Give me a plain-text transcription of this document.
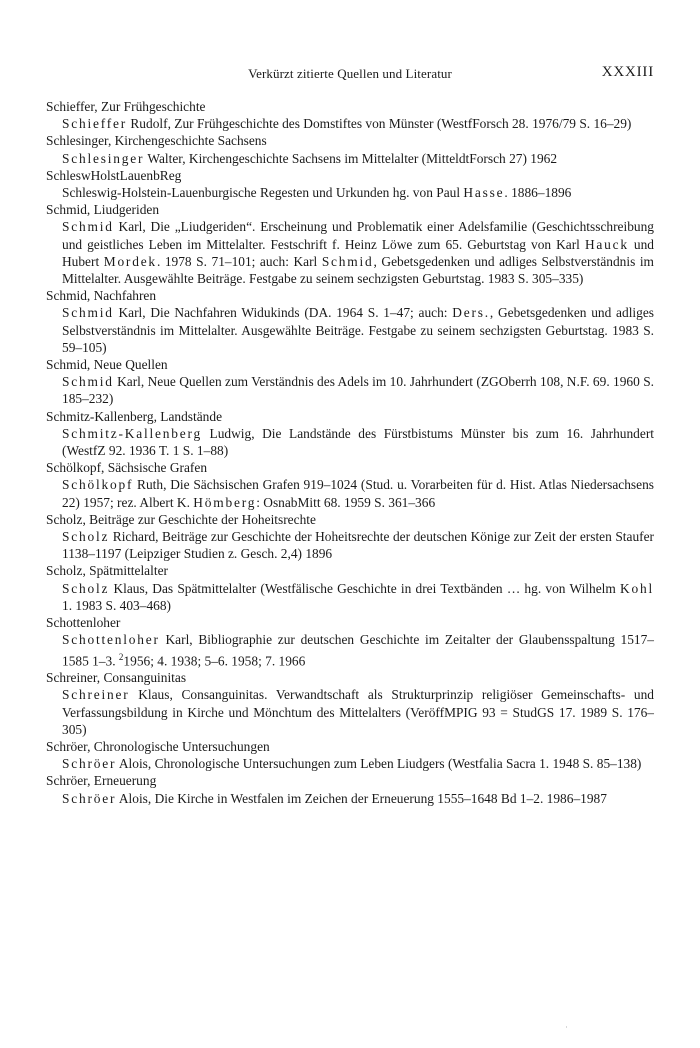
Verkürzt zitierte Quellen und Literatur	XXXIII
Schieffer, Zur Frühgeschichte
Schieffer Rudolf, Zur Frühgeschichte des Domstiftes von Münster (WestfForsch 28. 1976/79 S. 16–29)
Schlesinger, Kirchengeschichte Sachsens
Schlesinger Walter, Kirchengeschichte Sachsens im Mittelalter (MitteldtForsch 27) 1962
SchleswHolstLauenbReg
Schleswig-Holstein-Lauenburgische Regesten und Urkunden hg. von Paul Hasse. 1886–1896
Schmid, Liudgeriden
Schmid Karl, Die „Liudgeriden“. Erscheinung und Problematik einer Adelsfamilie (Geschichtsschreibung und geistliches Leben im Mittelalter. Festschrift f. Heinz Löwe zum 65. Geburtstag von Karl Hauck und Hubert Mordek. 1978 S. 71–101; auch: Karl Schmid, Gebetsgedenken und adliges Selbstverständnis im Mittelalter. Ausgewählte Beiträge. Festgabe zu seinem sechzigsten Geburtstag. 1983 S. 305–335)
Schmid, Nachfahren
Schmid Karl, Die Nachfahren Widukinds (DA. 1964 S. 1–47; auch: Ders., Gebetsgedenken und adliges Selbstverständnis im Mittelalter. Ausgewählte Beiträge. Festgabe zu seinem sechzigsten Geburtstag. 1983 S. 59–105)
Schmid, Neue Quellen
Schmid Karl, Neue Quellen zum Verständnis des Adels im 10. Jahrhundert (ZGOberrh 108, N.F. 69. 1960 S. 185–232)
Schmitz-Kallenberg, Landstände
Schmitz-Kallenberg Ludwig, Die Landstände des Fürstbistums Münster bis zum 16. Jahrhundert (WestfZ 92. 1936 T. 1 S. 1–88)
Schölkopf, Sächsische Grafen
Schölkopf Ruth, Die Sächsischen Grafen 919–1024 (Stud. u. Vorarbeiten für d. Hist. Atlas Niedersachsens 22) 1957; rez. Albert K. Hömberg: OsnabMitt 68. 1959 S. 361–366
Scholz, Beiträge zur Geschichte der Hoheitsrechte
Scholz Richard, Beiträge zur Geschichte der Hoheitsrechte der deutschen Könige zur Zeit der ersten Staufer 1138–1197 (Leipziger Studien z. Gesch. 2,4) 1896
Scholz, Spätmittelalter
Scholz Klaus, Das Spätmittelalter (Westfälische Geschichte in drei Textbänden … hg. von Wilhelm Kohl 1. 1983 S. 403–468)
Schottenloher
Schottenloher Karl, Bibliographie zur deutschen Geschichte im Zeitalter der Glaubensspaltung 1517–1585 1–3. $^2$1956; 4. 1938; 5–6. 1958; 7. 1966
Schreiner, Consanguinitas
Schreiner Klaus, Consanguinitas. Verwandtschaft als Strukturprinzip religiöser Gemeinschafts- und Verfassungsbildung in Kirche und Mönchtum des Mittelalters (VeröffMPIG 93 = StudGS 17. 1989 S. 176–305)
Schröer, Chronologische Untersuchungen
Schröer Alois, Chronologische Untersuchungen zum Leben Liudgers (Westfalia Sacra 1. 1948 S. 85–138)
Schröer, Erneuerung
Schröer Alois, Die Kirche in Westfalen im Zeichen der Erneuerung 1555–1648 Bd 1–2. 1986–1987
